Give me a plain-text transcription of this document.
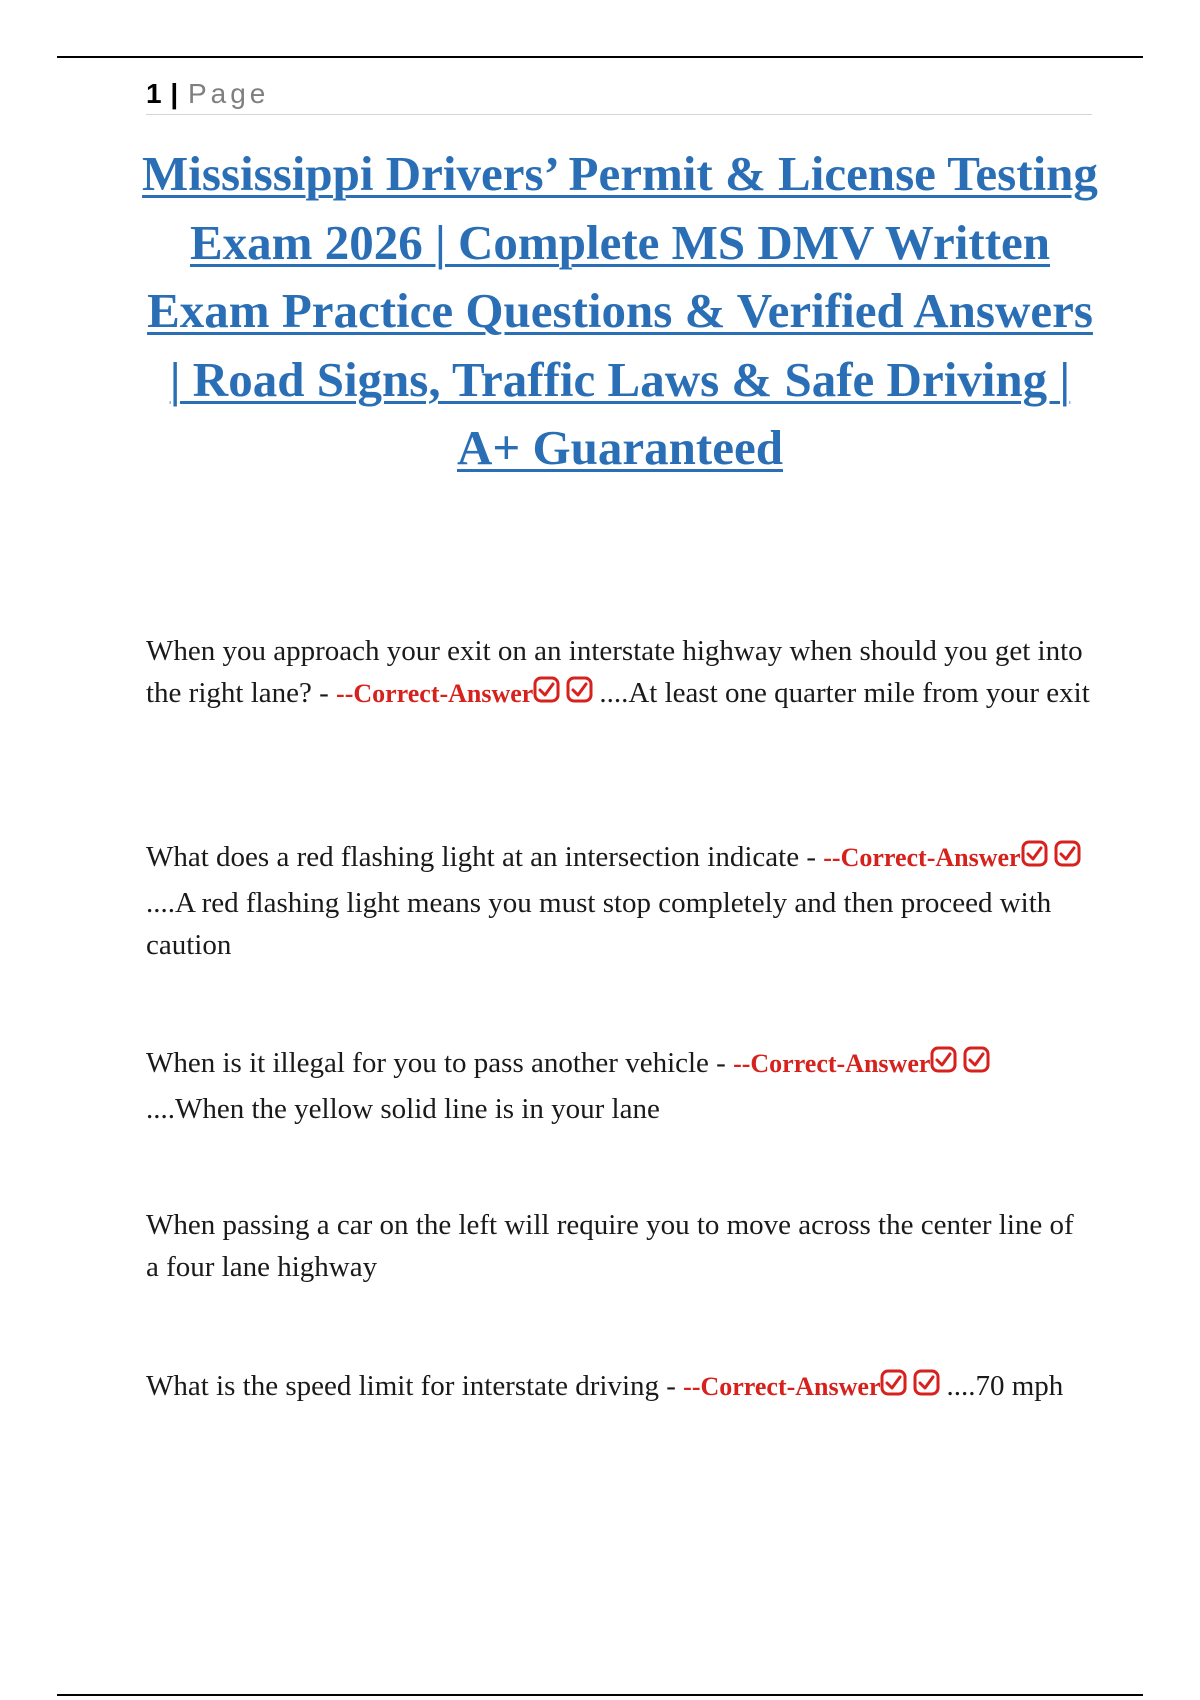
1 | Page
Mississippi Drivers’ Permit & License Testing Exam 2026 | Complete MS DMV Written Exam Practice Questions & Verified Answers | Road Signs, Traffic Laws & Safe Driving | A+ Guaranteed

When you approach your exit on an interstate highway when should you get into the right lane? - --Correct-Answer ....At least one quarter mile from your exit

What does a red flashing light at an intersection indicate - --Correct-Answer
....A red flashing light means you must stop completely and then proceed with caution

When is it illegal for you to pass another vehicle - --Correct-Answer
....When the yellow solid line is in your lane

When passing a car on the left will require you to move across the center line of a four lane highway

What is the speed limit for interstate driving - --Correct-Answer ....70 mph
